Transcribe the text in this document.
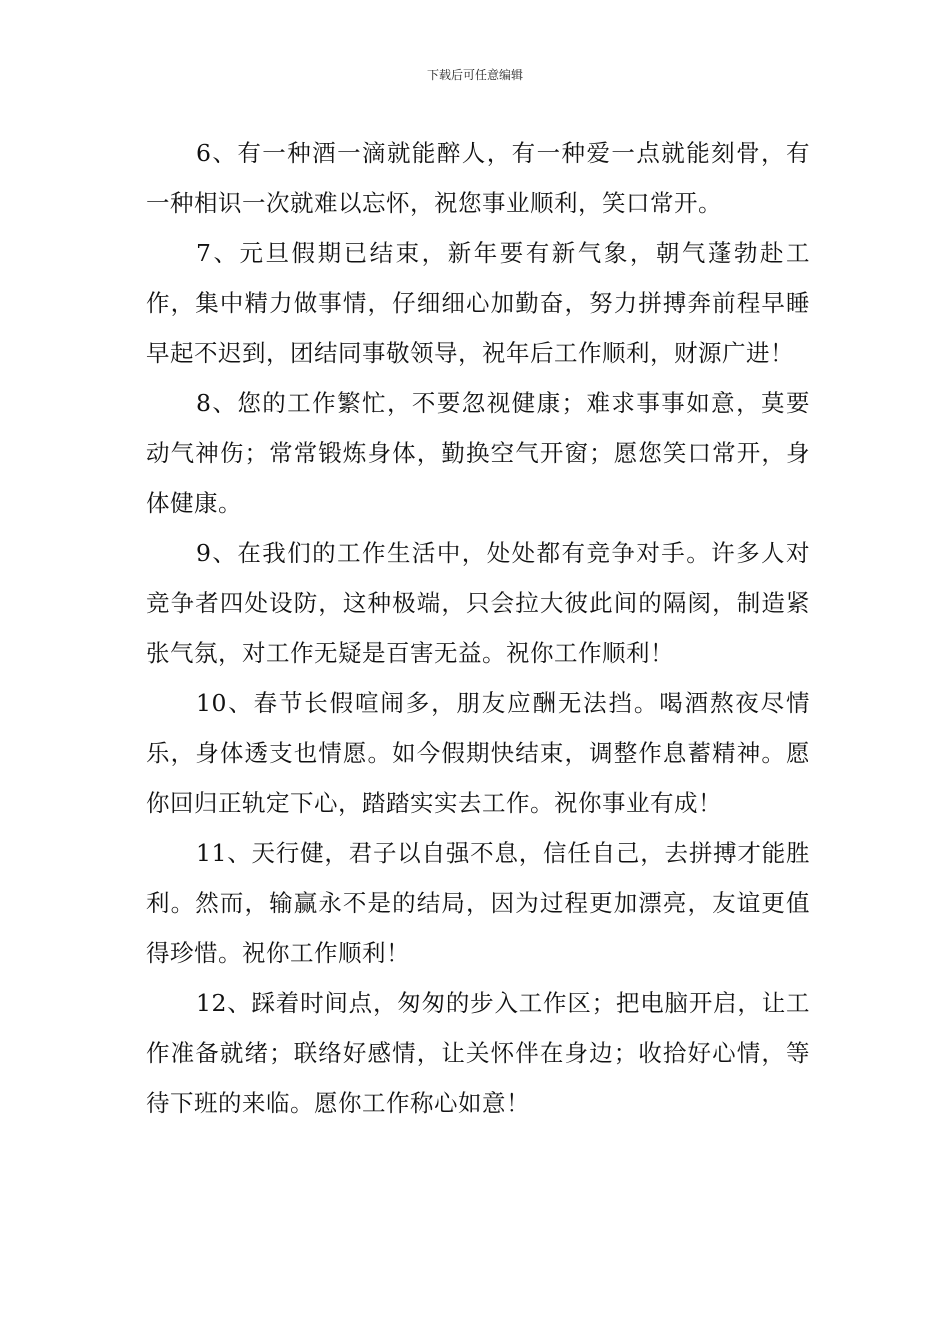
下载后可任意编辑

6、有一种酒一滴就能醉人，有一种爱一点就能刻骨，有一种相识一次就难以忘怀，祝您事业顺利，笑口常开。

7、元旦假期已结束，新年要有新气象，朝气蓬勃赴工作，集中精力做事情，仔细细心加勤奋，努力拼搏奔前程早睡早起不迟到，团结同事敬领导，祝年后工作顺利，财源广进！

8、您的工作繁忙，不要忽视健康；难求事事如意，莫要动气神伤；常常锻炼身体，勤换空气开窗；愿您笑口常开，身体健康。

9、在我们的工作生活中，处处都有竞争对手。许多人对竞争者四处设防，这种极端，只会拉大彼此间的隔阂，制造紧张气氛，对工作无疑是百害无益。祝你工作顺利！

10、春节长假喧闹多，朋友应酬无法挡。喝酒熬夜尽情乐，身体透支也情愿。如今假期快结束，调整作息蓄精神。愿你回归正轨定下心，踏踏实实去工作。祝你事业有成！

11、天行健，君子以自强不息，信任自己，去拼搏才能胜利。然而，输赢永不是的结局，因为过程更加漂亮，友谊更值得珍惜。祝你工作顺利！

12、踩着时间点，匆匆的步入工作区；把电脑开启，让工作准备就绪；联络好感情，让关怀伴在身边；收拾好心情，等待下班的来临。愿你工作称心如意！
